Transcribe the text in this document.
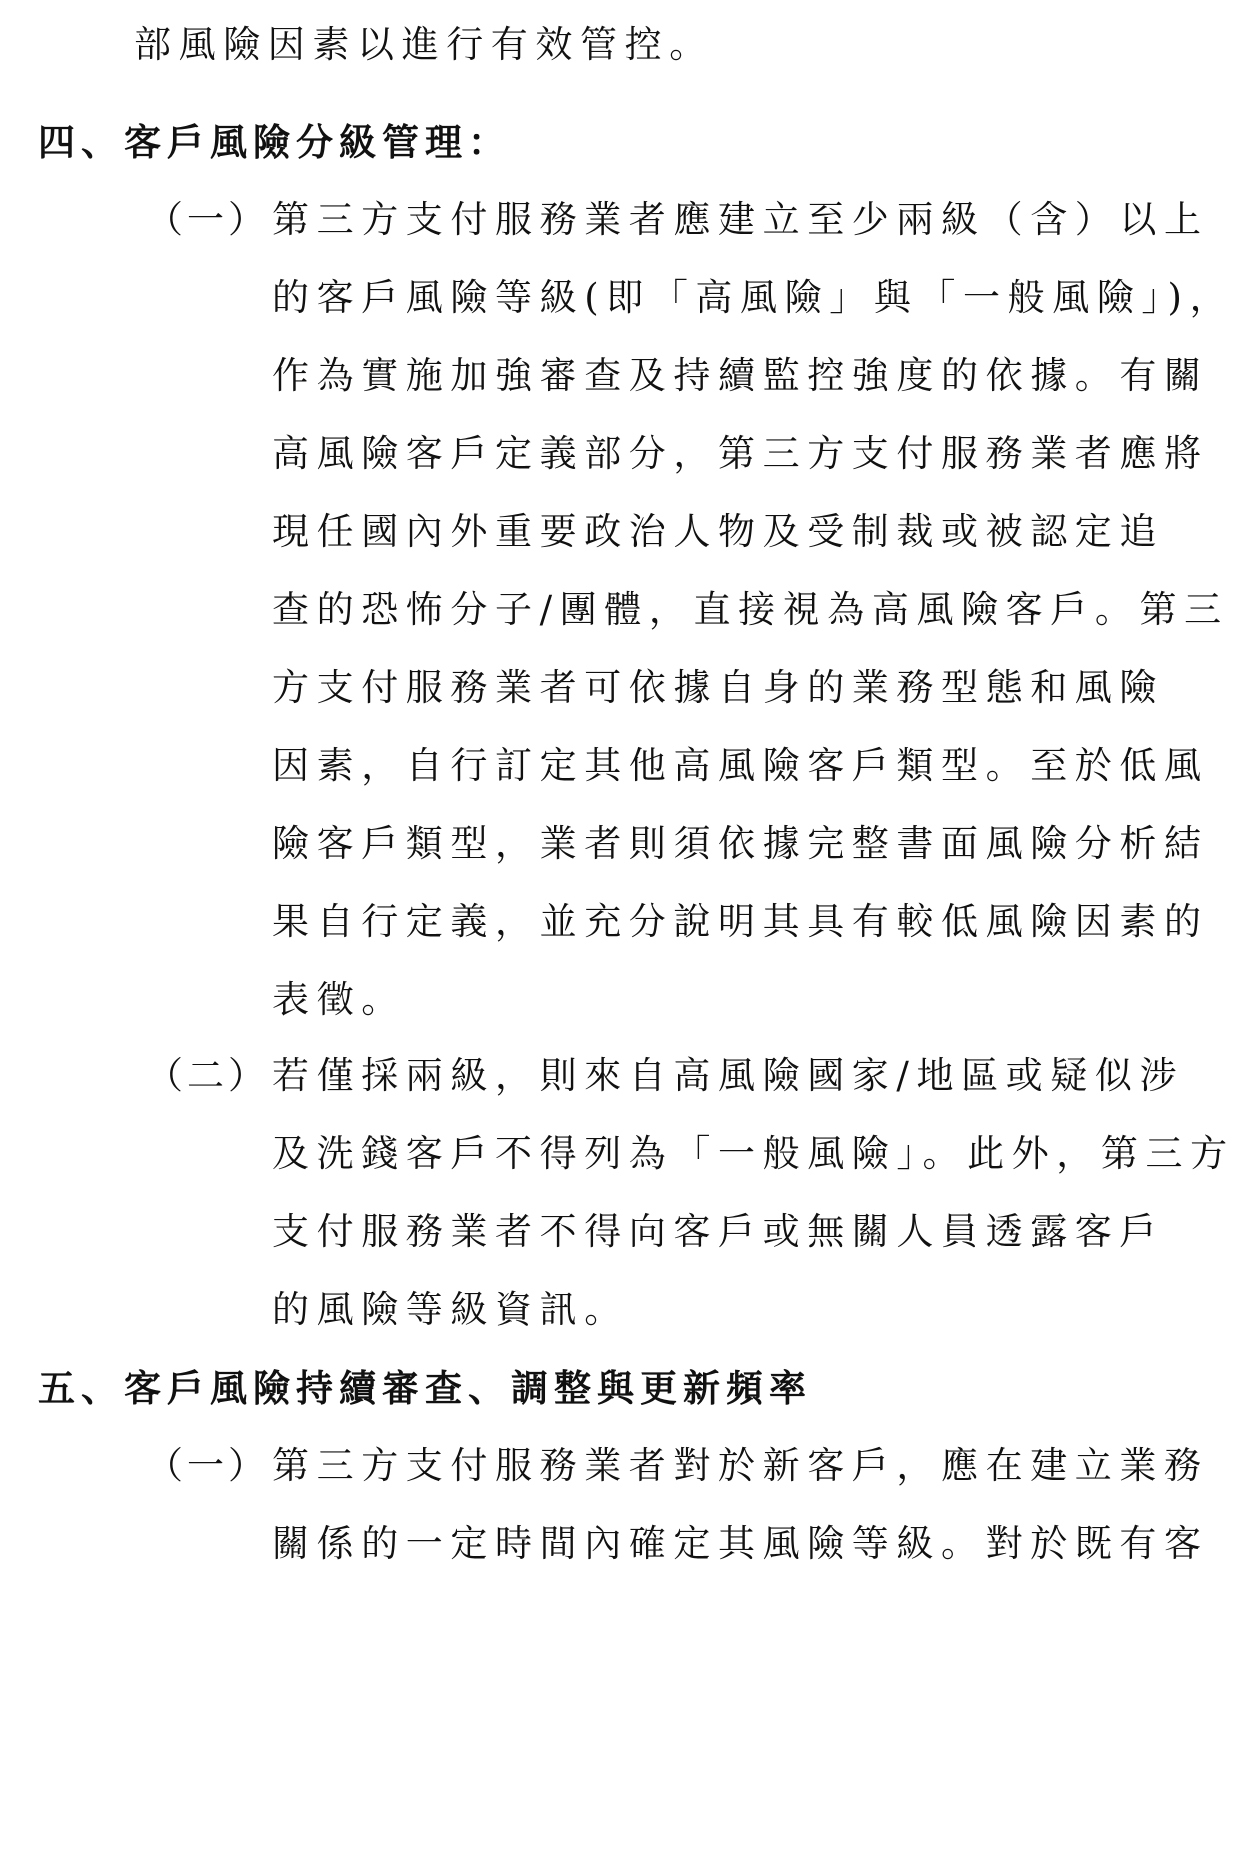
部風險因素以進行有效管控。
四、客戶風險分級管理：
（一） 第三方支付服務業者應建立至少兩級（含）以上
的客戶風險等級(即「高風險」與「一般風險」)，
作為實施加強審查及持續監控強度的依據。有關
高風險客戶定義部分，第三方支付服務業者應將
現任國內外重要政治人物及受制裁或被認定追
查的恐怖分子/團體，直接視為高風險客戶。第三
方支付服務業者可依據自身的業務型態和風險
因素，自行訂定其他高風險客戶類型。至於低風
險客戶類型，業者則須依據完整書面風險分析結
果自行定義，並充分說明其具有較低風險因素的
表徵。
（二） 若僅採兩級，則來自高風險國家/地區或疑似涉
及洗錢客戶不得列為「一般風險」。此外，第三方
支付服務業者不得向客戶或無關人員透露客戶
的風險等級資訊。
五、客戶風險持續審查、調整與更新頻率
（一） 第三方支付服務業者對於新客戶，應在建立業務
關係的一定時間內確定其風險等級。對於既有客
